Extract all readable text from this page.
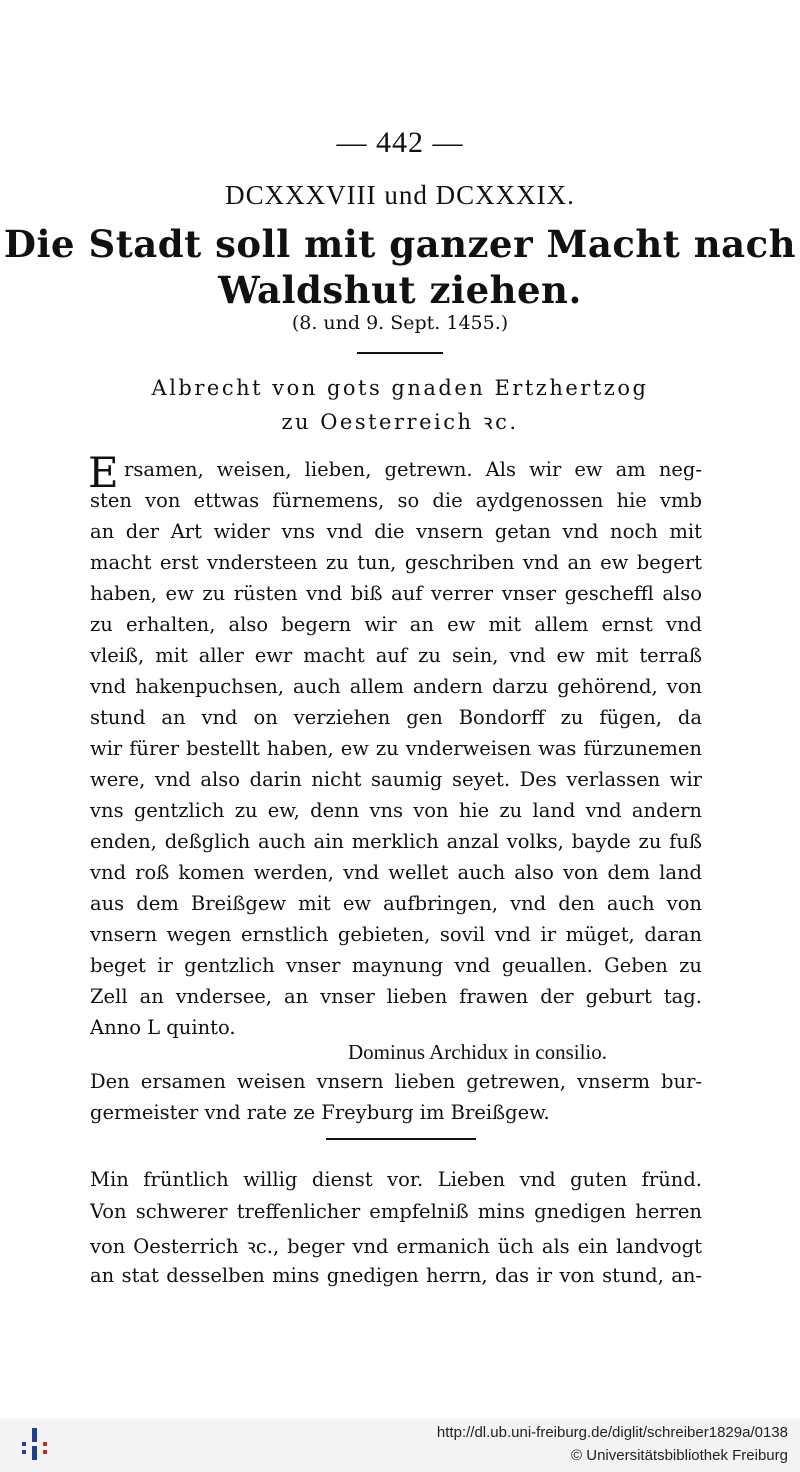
— 442 —
DCXXXVIII und DCXXXIX.
Die Stadt soll mit ganzer Macht nach
Waldshut ziehen.
(8. und 9. Sept. 1455.)
Albrecht von gots gnaden Ertzhertzog
zu Oesterreich ꝛc.
E rsamen, weisen, lieben, getrewn. Als wir ew am neg-
sten von ettwas fürnemens, so die aydgenossen hie vmb
an der Art wider vns vnd die vnsern getan vnd noch mit
macht erst vndersteen zu tun, geschriben vnd an ew begert
haben, ew zu rüsten vnd biß auf verrer vnser gescheffl also
zu erhalten, also begern wir an ew mit allem ernst vnd
vleiß, mit aller ewr macht auf zu sein, vnd ew mit terraß
vnd hakenpuchsen, auch allem andern darzu gehörend, von
stund an vnd on verziehen gen Bondorff zu fügen, da
wir fürer bestellt haben, ew zu vnderweisen was fürzunemen
were, vnd also darin nicht saumig seyet. Des verlassen wir
vns gentzlich zu ew, denn vns von hie zu land vnd andern
enden, deßglich auch ain merklich anzal volks, bayde zu fuß
vnd roß komen werden, vnd wellet auch also von dem land
aus dem Breißgew mit ew aufbringen, vnd den auch von
vnsern wegen ernstlich gebieten, sovil vnd ir müget, daran
beget ir gentzlich vnser maynung vnd geuallen. Geben zu
Zell an vndersee, an vnser lieben frawen der geburt tag.
Anno L quinto.
Dominus Archidux in consilio.
Den ersamen weisen vnsern lieben getrewen, vnserm bur-
germeister vnd rate ze Freyburg im Breißgew.
Min früntlich willig dienst vor. Lieben vnd guten fründ.
Von schwerer treffenlicher empfelniß mins gnedigen herren
von Oesterrich ꝛc., beger vnd ermanich üch als ein landvogt
an stat desselben mins gnedigen herrn, das ir von stund, an-
http://dl.ub.uni-freiburg.de/diglit/schreiber1829a/0138
© Universitätsbibliothek Freiburg
